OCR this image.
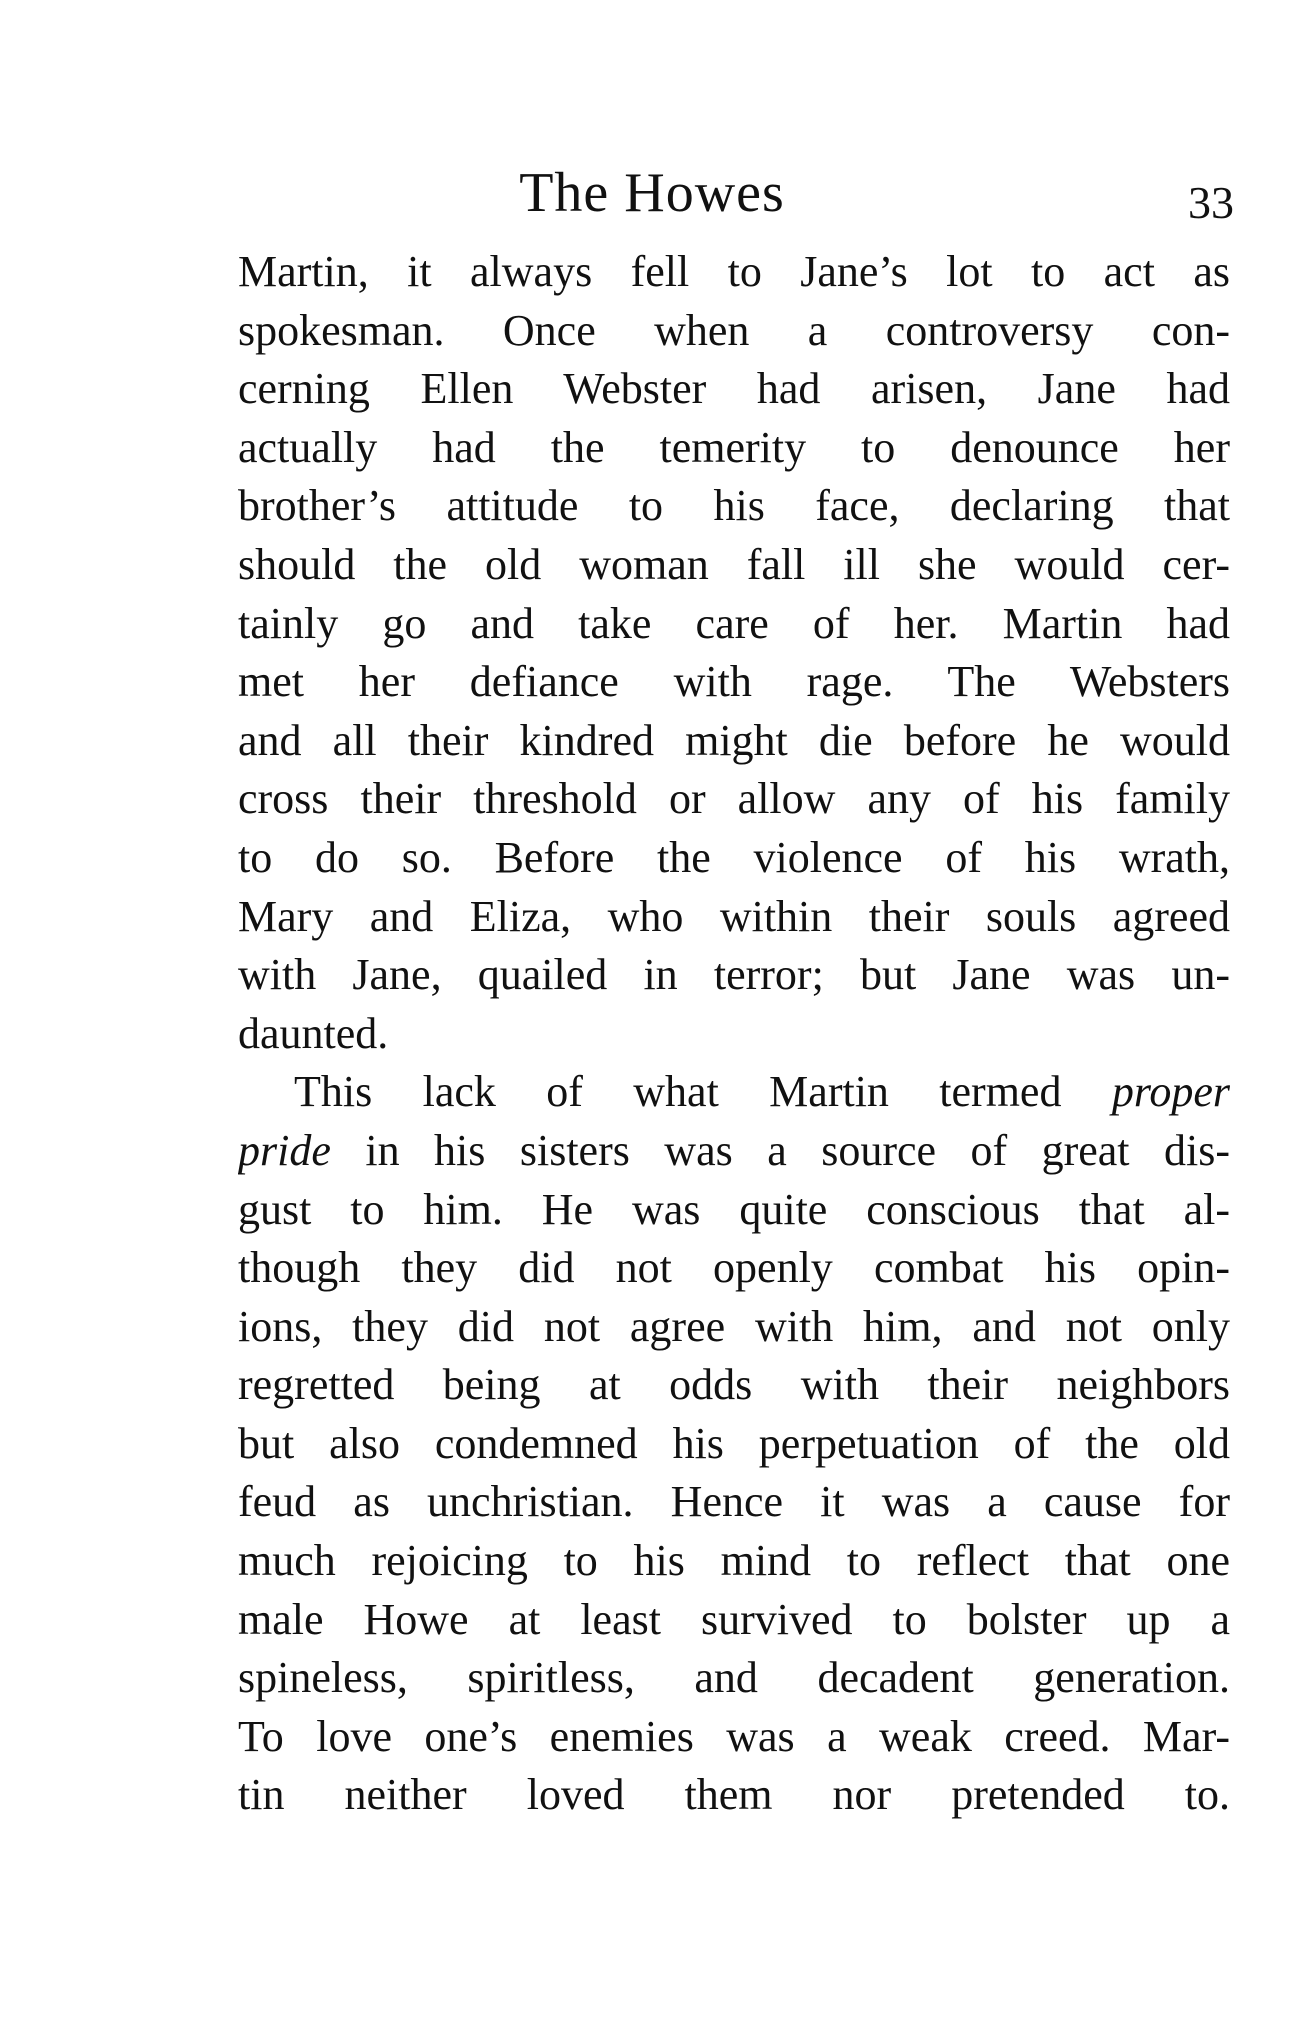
The Howes	33
Martin, it always fell to Jane’s lot to act as
spokesman. Once when a controversy con-
cerning Ellen Webster had arisen, Jane had
actually had the temerity to denounce her
brother’s attitude to his face, declaring that
should the old woman fall ill she would cer-
tainly go and take care of her. Martin had
met her defiance with rage. The Websters
and all their kindred might die before he would
cross their threshold or allow any of his family
to do so. Before the violence of his wrath,
Mary and Eliza, who within their souls agreed
with Jane, quailed in terror; but Jane was un-
daunted.
This lack of what Martin termed proper
pride in his sisters was a source of great dis-
gust to him. He was quite conscious that al-
though they did not openly combat his opin-
ions, they did not agree with him, and not only
regretted being at odds with their neighbors
but also condemned his perpetuation of the old
feud as unchristian. Hence it was a cause for
much rejoicing to his mind to reflect that one
male Howe at least survived to bolster up a
spineless, spiritless, and decadent generation.
To love one’s enemies was a weak creed. Mar-
tin neither loved them nor pretended to.
